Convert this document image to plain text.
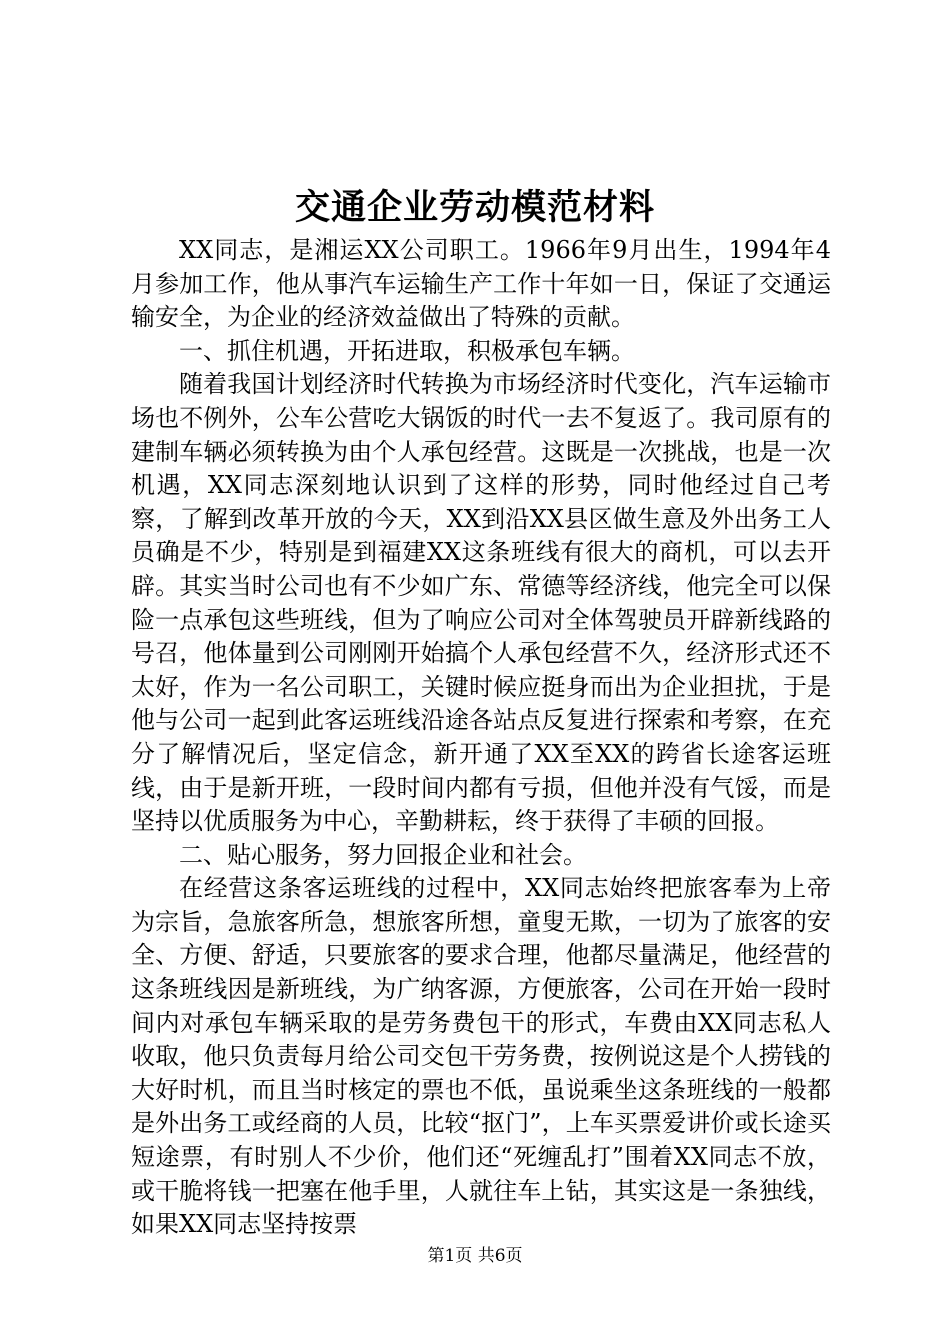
交通企业劳动模范材料

XX同志，是湘运XX公司职工。1966年9月出生，1994年4月参加工作，他从事汽车运输生产工作十年如一日，保证了交通运输安全，为企业的经济效益做出了特殊的贡献。

一、抓住机遇，开拓进取，积极承包车辆。

随着我国计划经济时代转换为市场经济时代变化，汽车运输市场也不例外，公车公营吃大锅饭的时代一去不复返了。我司原有的建制车辆必须转换为由个人承包经营。这既是一次挑战，也是一次机遇，XX同志深刻地认识到了这样的形势，同时他经过自己考察，了解到改革开放的今天，XX到沿XX县区做生意及外出务工人员确是不少，特别是到福建XX这条班线有很大的商机，可以去开辟。其实当时公司也有不少如广东、常德等经济线，他完全可以保险一点承包这些班线，但为了响应公司对全体驾驶员开辟新线路的号召，他体量到公司刚刚开始搞个人承包经营不久，经济形式还不太好，作为一名公司职工，关键时候应挺身而出为企业担扰，于是他与公司一起到此客运班线沿途各站点反复进行探索和考察，在充分了解情况后，坚定信念，新开通了XX至XX的跨省长途客运班线，由于是新开班，一段时间内都有亏损，但他并没有气馁，而是坚持以优质服务为中心，辛勤耕耘，终于获得了丰硕的回报。

二、贴心服务，努力回报企业和社会。

在经营这条客运班线的过程中，XX同志始终把旅客奉为上帝为宗旨，急旅客所急，想旅客所想，童叟无欺，一切为了旅客的安全、方便、舒适，只要旅客的要求合理，他都尽量满足，他经营的这条班线因是新班线，为广纳客源，方便旅客，公司在开始一段时间内对承包车辆采取的是劳务费包干的形式，车费由XX同志私人收取，他只负责每月给公司交包干劳务费，按例说这是个人捞钱的大好时机，而且当时核定的票也不低，虽说乘坐这条班线的一般都是外出务工或经商的人员，比较“抠门”，上车买票爱讲价或长途买短途票，有时别人不少价，他们还“死缠乱打”围着XX同志不放，或干脆将钱一把塞在他手里，人就往车上钻，其实这是一条独线，如果XX同志坚持按票

第1页 共6页
